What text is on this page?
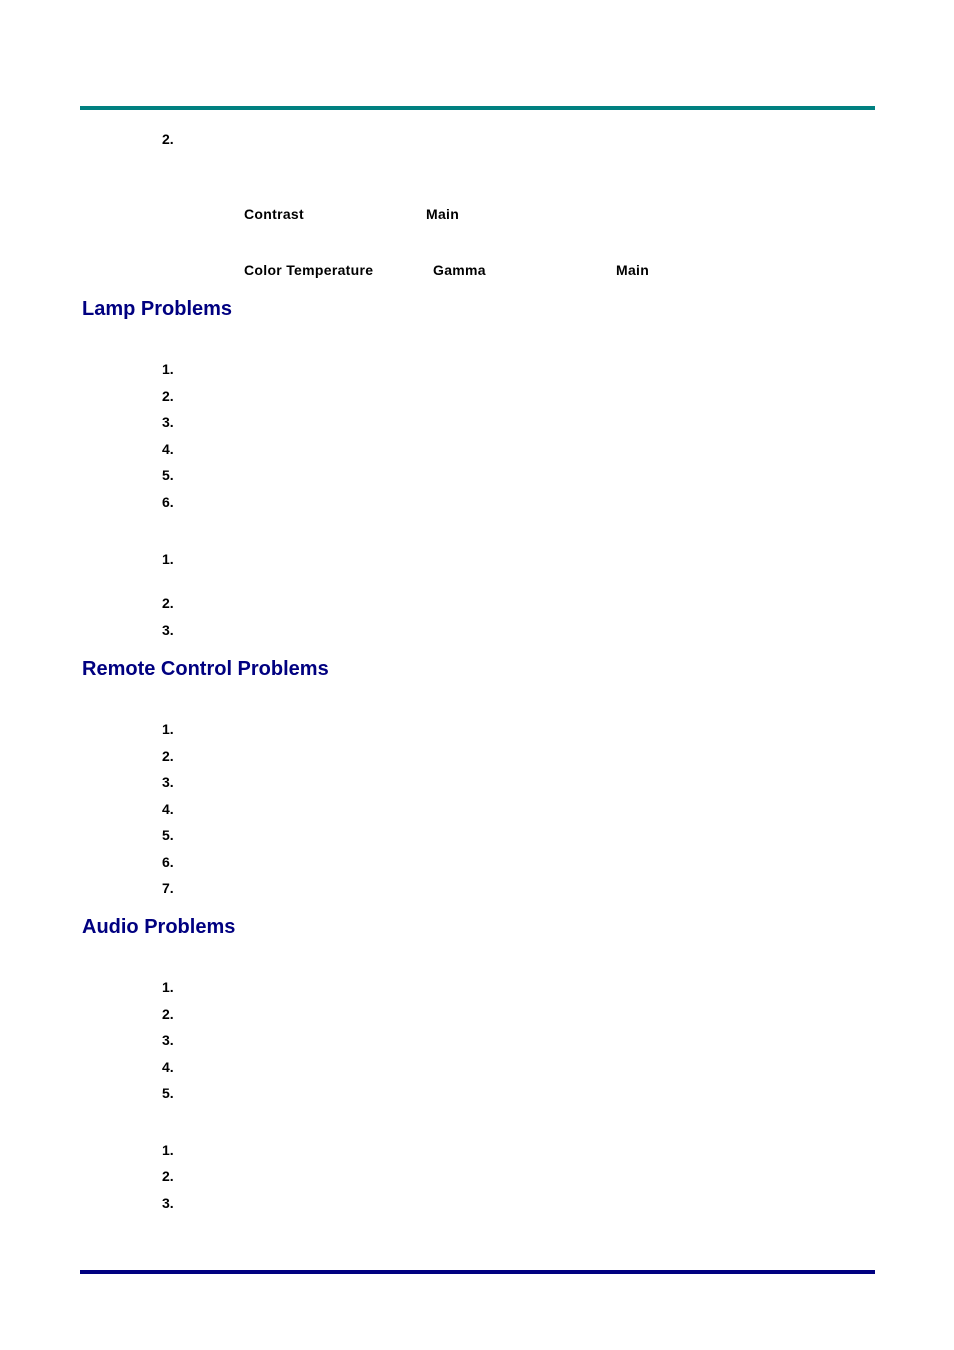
2.
Contrast	Main
Color Temperature	Gamma	Main
Lamp Problems
1.
2.
3.
4.
5.
6.
1.
2.
3.
Remote Control Problems
1.
2.
3.
4.
5.
6.
7.
Audio Problems
1.
2.
3.
4.
5.
1.
2.
3.
